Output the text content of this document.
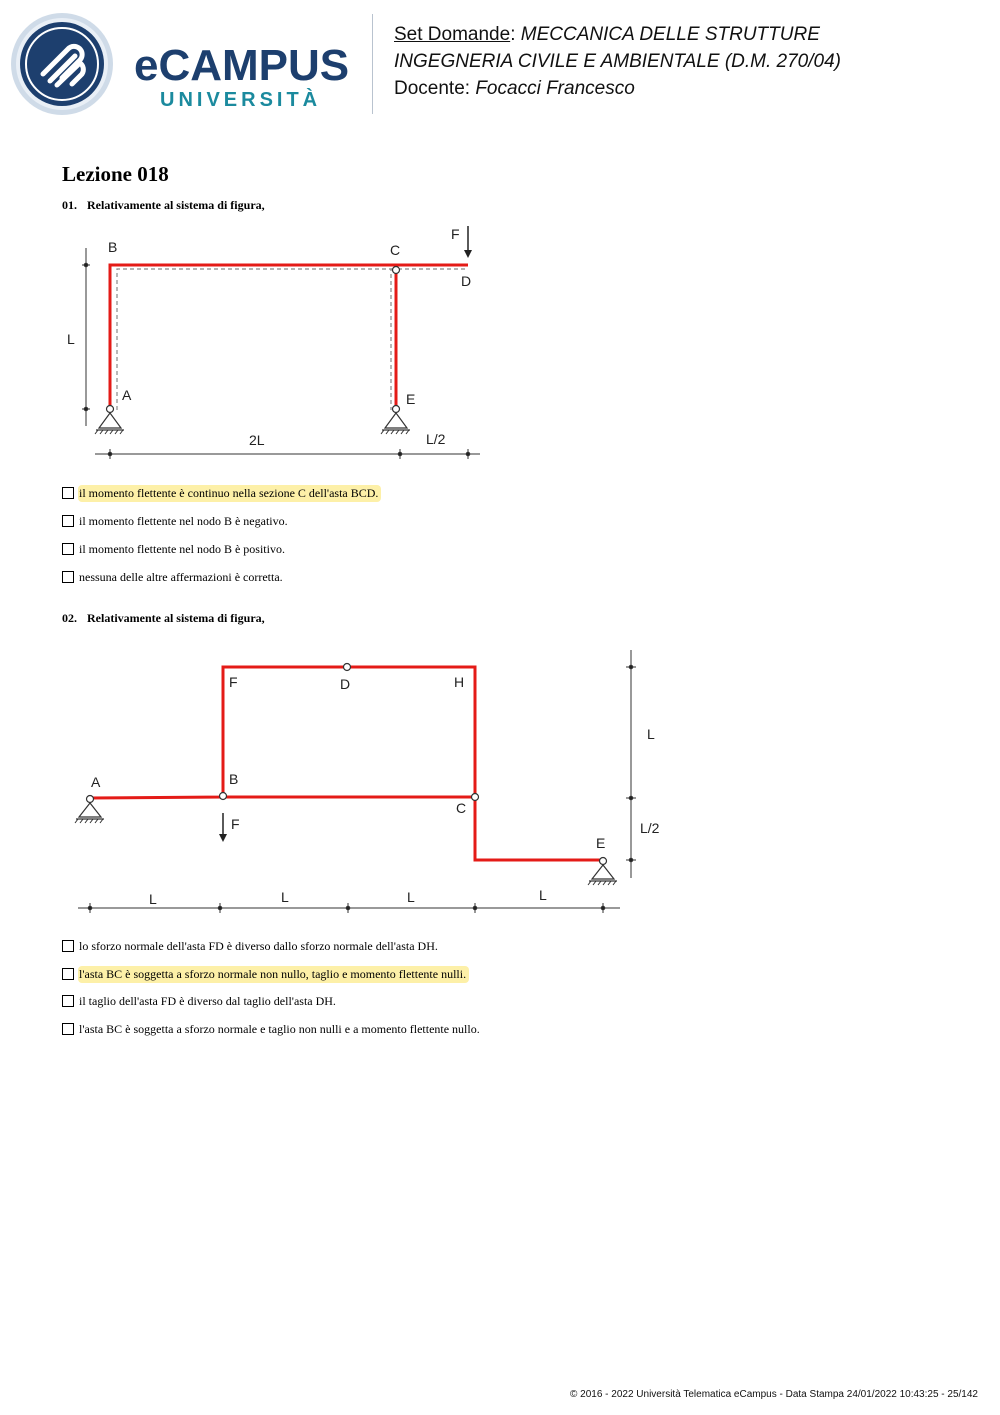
eCAMPUS
UNIVERSITÀ
Set Domande: MECCANICA DELLE STRUTTURE
INGEGNERIA CIVILE E AMBIENTALE (D.M. 270/04)
Docente: Focacci Francesco
Lezione 018
01. Relativamente al sistema di figura,
B	C
F
D
A	E
L
2L	L/2
il momento flettente è continuo nella sezione C dell'asta BCD.
il momento flettente nel nodo B è negativo.
il momento flettente nel nodo B è positivo.
nessuna delle altre affermazioni è corretta.
02. Relativamente al sistema di figura,
F	D	H
A	B
C
E
F
L
L/2
L	L	L	L
lo sforzo normale dell'asta FD è diverso dallo sforzo normale dell'asta DH.
l'asta BC è soggetta a sforzo normale non nullo, taglio e momento flettente nulli.
il taglio dell'asta FD è diverso dal taglio dell'asta DH.
l'asta BC è soggetta a sforzo normale e taglio non nulli e a momento flettente nullo.
© 2016 - 2022 Università Telematica eCampus - Data Stampa 24/01/2022 10:43:25 - 25/142
